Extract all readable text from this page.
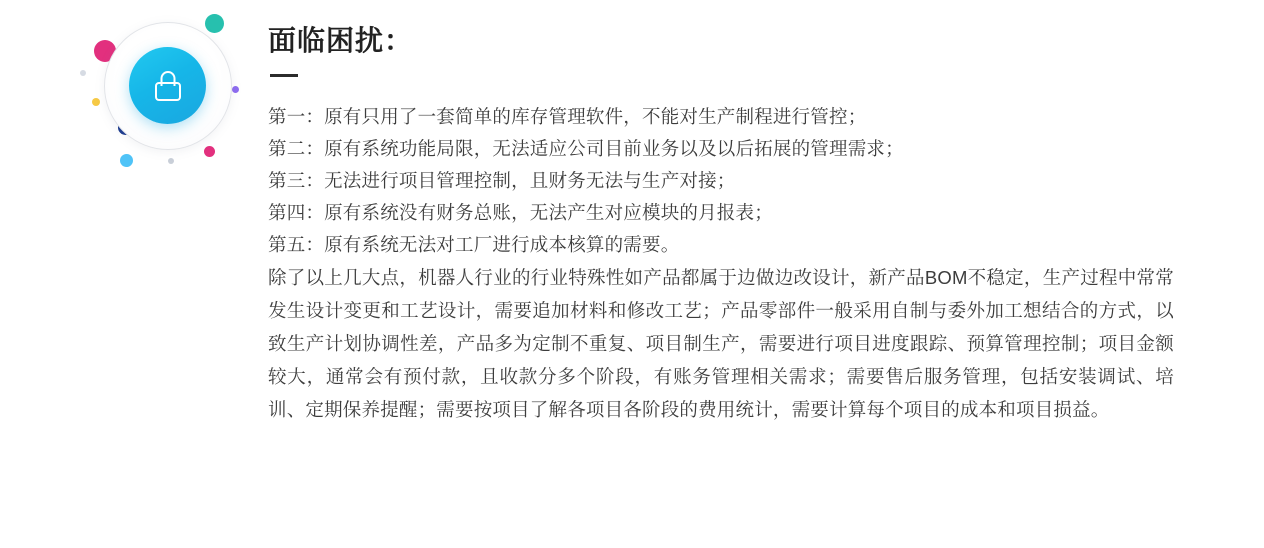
面临困扰：
第一：原有只用了一套简单的库存管理软件，不能对生产制程进行管控；
第二：原有系统功能局限，无法适应公司目前业务以及以后拓展的管理需求；
第三：无法进行项目管理控制，且财务无法与生产对接；
第四：原有系统没有财务总账，无法产生对应模块的月报表；
第五：原有系统无法对工厂进行成本核算的需要。

除了以上几大点，机器人行业的行业特殊性如产品都属于边做边改设计，新产品BOM不稳定，生产过程中常常发生设计变更和工艺设计，需要追加材料和修改工艺；产品零部件一般采用自制与委外加工想结合的方式，以致生产计划协调性差，产品多为定制不重复、项目制生产，需要进行项目进度跟踪、预算管理控制；项目金额较大，通常会有预付款，且收款分多个阶段，有账务管理相关需求；需要售后服务管理，包括安装调试、培训、定期保养提醒；需要按项目了解各项目各阶段的费用统计，需要计算每个项目的成本和项目损益。
